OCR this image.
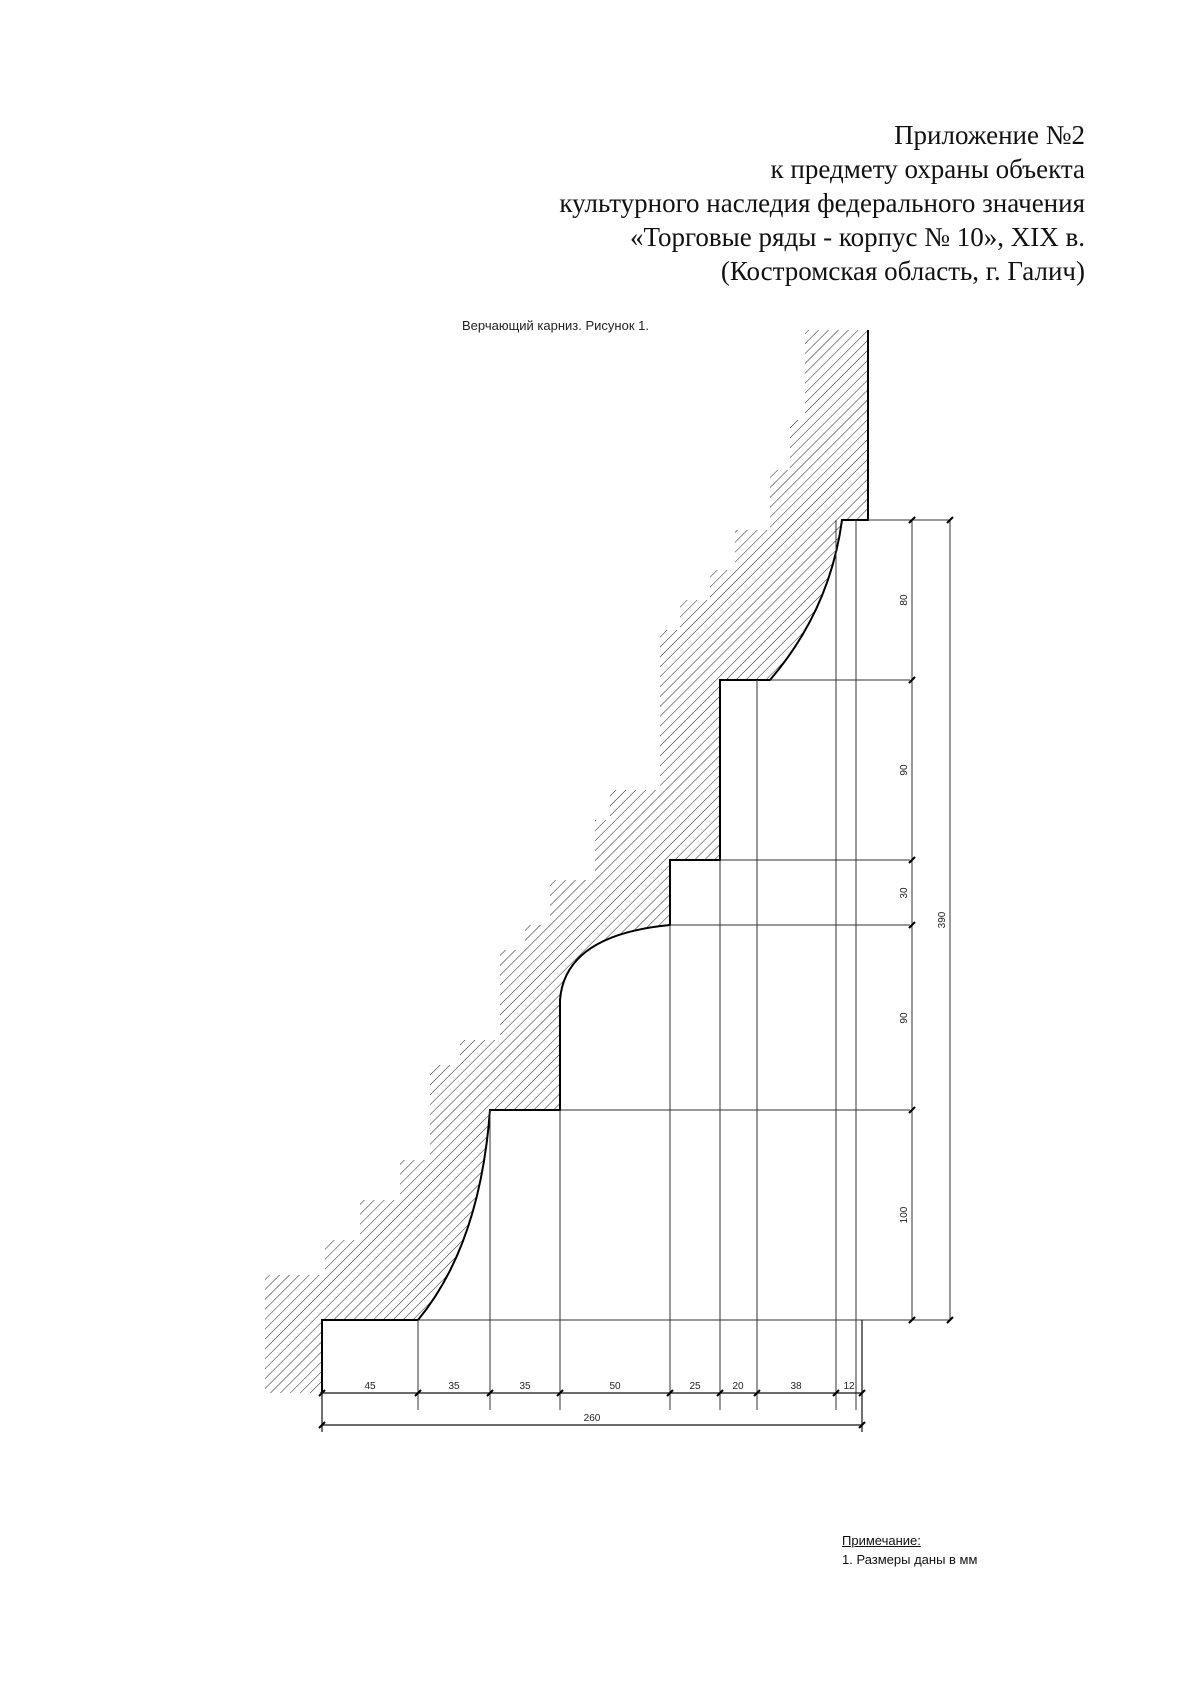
Приложение №2
к предмету охраны объекта
культурного наследия федерального значения
«Торговые ряды - корпус № 10», XIX в.
(Костромская область, г. Галич)
Верчающий карниз. Рисунок 1.
45	35	35	50	25	20	38	12
260
80
90
30
90
100
390
Примечание:
1. Размеры даны в мм
